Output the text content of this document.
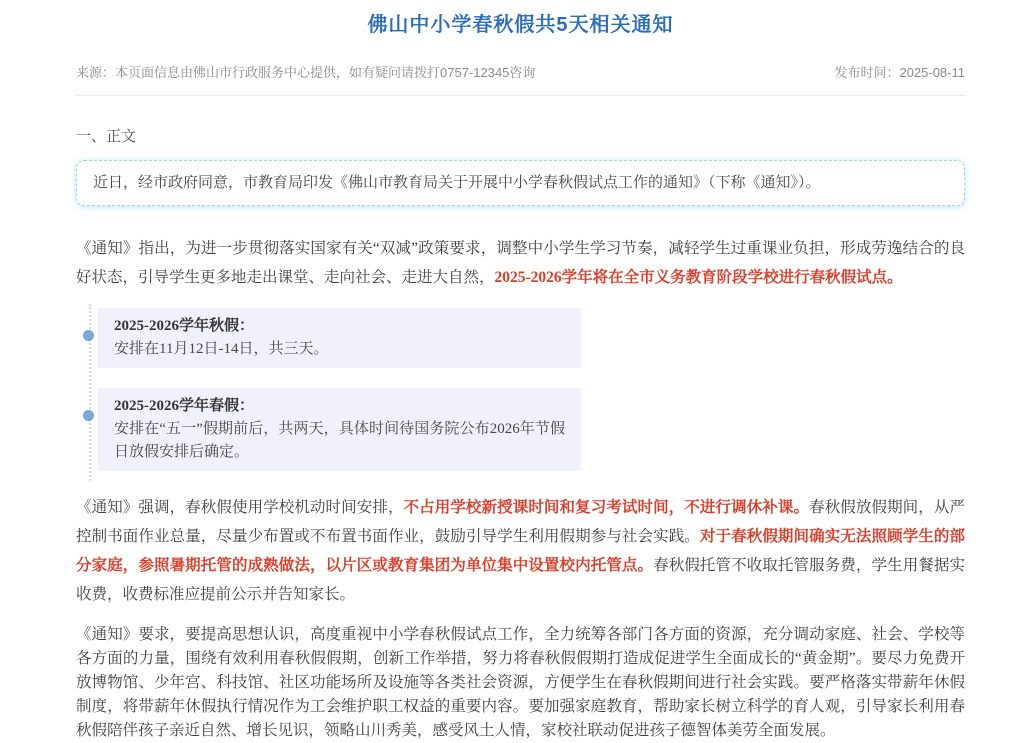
佛山中小学春秋假共5天相关通知
来源：本页面信息由佛山市行政服务中心提供，如有疑问请拨打0757-12345咨询	发布时间：2025-08-11
一、正文

近日，经市政府同意，市教育局印发《佛山市教育局关于开展中小学春秋假试点工作的通知》（下称《通知》）。

《通知》指出，为进一步贯彻落实国家有关“双减”政策要求，调整中小学生学习节奏，减轻学生过重课业负担，形成劳逸结合的良好状态，引导学生更多地走出课堂、走向社会、走进大自然，2025-2026学年将在全市义务教育阶段学校进行春秋假试点。

2025-2026学年秋假：
安排在11月12日-14日，共三天。
2025-2026学年春假：
安排在“五一”假期前后，共两天，具体时间待国务院公布2026年节假日放假安排后确定。

《通知》强调，春秋假使用学校机动时间安排，不占用学校新授课时间和复习考试时间，不进行调休补课。春秋假放假期间，从严控制书面作业总量，尽量少布置或不布置书面作业，鼓励引导学生利用假期参与社会实践。对于春秋假期间确实无法照顾学生的部分家庭，参照暑期托管的成熟做法，以片区或教育集团为单位集中设置校内托管点。春秋假托管不收取托管服务费，学生用餐据实收费，收费标准应提前公示并告知家长。

《通知》要求，要提高思想认识，高度重视中小学春秋假试点工作，全力统筹各部门各方面的资源，充分调动家庭、社会、学校等各方面的力量，围绕有效利用春秋假假期，创新工作举措，努力将春秋假假期打造成促进学生全面成长的“黄金期”。要尽力免费开放博物馆、少年宫、科技馆、社区功能场所及设施等各类社会资源，方便学生在春秋假期间进行社会实践。要严格落实带薪年休假制度，将带薪年休假执行情况作为工会维护职工权益的重要内容。要加强家庭教育，帮助家长树立科学的育人观，引导家长利用春秋假陪伴孩子亲近自然、增长见识，领略山川秀美，感受风土人情，家校社联动促进孩子德智体美劳全面发展。
